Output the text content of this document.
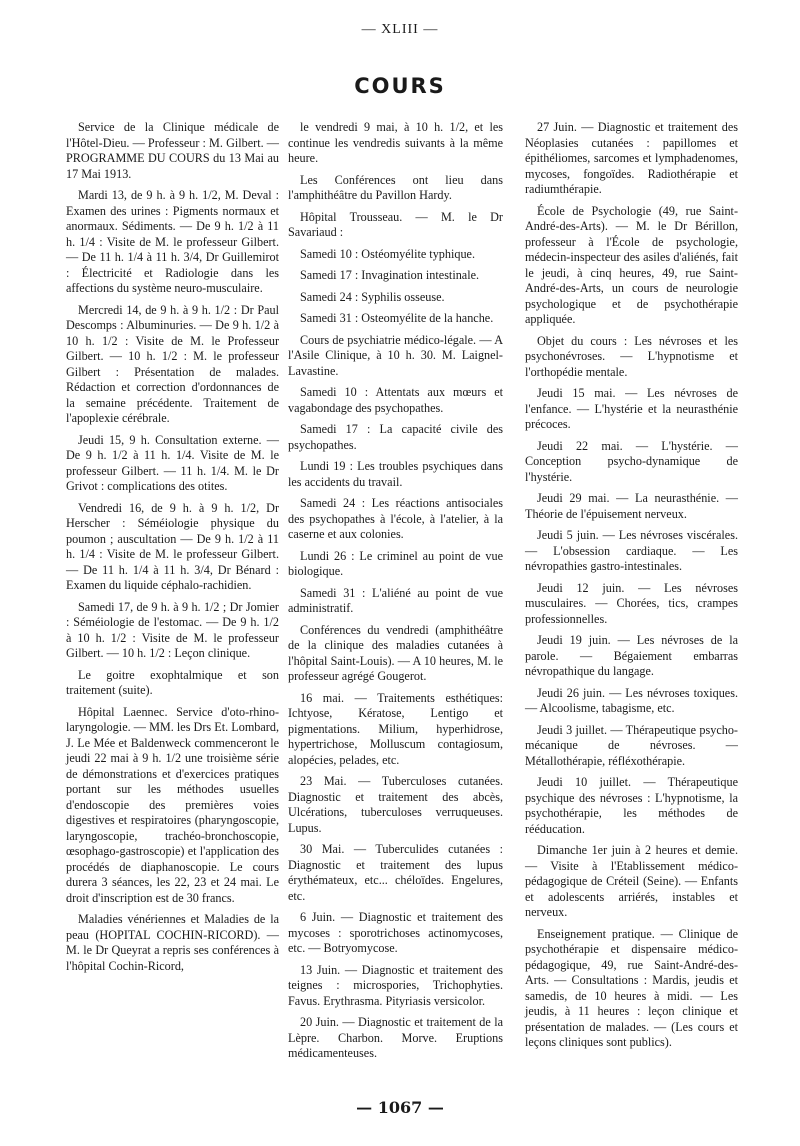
— XLIII —
COURS

Service de la Clinique médicale de l'Hôtel-Dieu. — Professeur : M. Gilbert. — PROGRAMME DU COURS du 13 Mai au 17 Mai 1913.

Mardi 13, de 9 h. à 9 h. 1/2, M. Deval : Examen des urines : Pigments normaux et anormaux. Sédiments. — De 9 h. 1/2 à 11 h. 1/4 : Visite de M. le professeur Gilbert. — De 11 h. 1/4 à 11 h. 3/4, Dr Guillemirot : Électricité et Radiologie dans les affections du système neuro-musculaire.

Mercredi 14, de 9 h. à 9 h. 1/2 : Dr Paul Descomps : Albuminuries. — De 9 h. 1/2 à 10 h. 1/2 : Visite de M. le Professeur Gilbert. — 10 h. 1/2 : M. le professeur Gilbert : Présentation de malades. Rédaction et correction d'ordonnances de la semaine précédente. Traitement de l'apoplexie cérébrale.

Jeudi 15, 9 h. Consultation externe. — De 9 h. 1/2 à 11 h. 1/4. Visite de M. le professeur Gilbert. — 11 h. 1/4. M. le Dr Grivot : complications des otites.

Vendredi 16, de 9 h. à 9 h. 1/2, Dr Herscher : Séméiologie physique du poumon ; auscultation — De 9 h. 1/2 à 11 h. 1/4 : Visite de M. le professeur Gilbert. — De 11 h. 1/4 à 11 h. 3/4, Dr Bénard : Examen du liquide céphalo-rachidien.

Samedi 17, de 9 h. à 9 h. 1/2 ; Dr Jomier : Séméiologie de l'estomac. — De 9 h. 1/2 à 10 h. 1/2 : Visite de M. le professeur Gilbert. — 10 h. 1/2 : Leçon clinique.

Le goitre exophtalmique et son traitement (suite).

Hôpital Laennec. Service d'oto-rhino-laryngologie. — MM. les Drs Et. Lombard, J. Le Mée et Baldenweck commenceront le jeudi 22 mai à 9 h. 1/2 une troisième série de démonstrations et d'exercices pratiques portant sur les méthodes usuelles d'endoscopie des premières voies digestives et respiratoires (pharyngoscopie, laryngoscopie, trachéo-bronchoscopie, œsophago-gastroscopie) et l'application des procédés de diaphanoscopie. Le cours durera 3 séances, les 22, 23 et 24 mai. Le droit d'inscription est de 30 francs.

Maladies vénériennes et Maladies de la peau (HOPITAL COCHIN-RICORD). — M. le Dr Queyrat a repris ses conférences à l'hôpital Cochin-Ricord,

le vendredi 9 mai, à 10 h. 1/2, et les continue les vendredis suivants à la même heure.

Les Conférences ont lieu dans l'amphithéâtre du Pavillon Hardy.

Hôpital Trousseau. — M. le Dr Savariaud :

Samedi 10 : Ostéomyélite typhique.

Samedi 17 : Invagination intestinale.

Samedi 24 : Syphilis osseuse.

Samedi 31 : Osteomyélite de la hanche.

Cours de psychiatrie médico-légale. — A l'Asile Clinique, à 10 h. 30. M. Laignel-Lavastine.

Samedi 10 : Attentats aux mœurs et vagabondage des psychopathes.

Samedi 17 : La capacité civile des psychopathes.

Lundi 19 : Les troubles psychiques dans les accidents du travail.

Samedi 24 : Les réactions antisociales des psychopathes à l'école, à l'atelier, à la caserne et aux colonies.

Lundi 26 : Le criminel au point de vue biologique.

Samedi 31 : L'aliéné au point de vue administratif.

Conférences du vendredi (amphithéâtre de la clinique des maladies cutanées à l'hôpital Saint-Louis). — A 10 heures, M. le professeur agrégé Gougerot.

16 mai. — Traitements esthétiques: Ichtyose, Kératose, Lentigo et pigmentations. Milium, hyperhidrose, hypertrichose, Molluscum contagiosum, alopécies, pelades, etc.

23 Mai. — Tuberculoses cutanées. Diagnostic et traitement des abcès, Ulcérations, tuberculoses verruqueuses. Lupus.

30 Mai. — Tuberculides cutanées : Diagnostic et traitement des lupus érythémateux, etc... chéloïdes. Engelures, etc.

6 Juin. — Diagnostic et traitement des mycoses : sporotrichoses actinomycoses, etc. — Botryomycose.

13 Juin. — Diagnostic et traitement des teignes : microspories, Trichophyties. Favus. Erythrasma. Pityriasis versicolor.

20 Juin. — Diagnostic et traitement de la Lèpre. Charbon. Morve. Eruptions médicamenteuses.

27 Juin. — Diagnostic et traitement des Néoplasies cutanées : papillomes et épithéliomes, sarcomes et lymphadenomes, mycoses, fongoïdes. Radiothérapie et radiumthérapie.

École de Psychologie (49, rue Saint-André-des-Arts). — M. le Dr Bérillon, professeur à l'École de psychologie, médecin-inspecteur des asiles d'aliénés, fait le jeudi, à cinq heures, 49, rue Saint-André-des-Arts, un cours de neurologie psychologique et de psychothérapie appliquée.

Objet du cours : Les névroses et les psychonévroses. — L'hypnotisme et l'orthopédie mentale.

Jeudi 15 mai. — Les névroses de l'enfance. — L'hystérie et la neurasthénie précoces.

Jeudi 22 mai. — L'hystérie. — Conception psycho-dynamique de l'hystérie.

Jeudi 29 mai. — La neurasthénie. — Théorie de l'épuisement nerveux.

Jeudi 5 juin. — Les névroses viscérales. — L'obsession cardiaque. — Les névropathies gastro-intestinales.

Jeudi 12 juin. — Les névroses musculaires. — Chorées, tics, crampes professionnelles.

Jeudi 19 juin. — Les névroses de la parole. — Bégaiement embarras névropathique du langage.

Jeudi 26 juin. — Les névroses toxiques. — Alcoolisme, tabagisme, etc.

Jeudi 3 juillet. — Thérapeutique psycho-mécanique de névroses. — Métallothérapie, réfléxothérapie.

Jeudi 10 juillet. — Thérapeutique psychique des névroses : L'hypnotisme, la psychothérapie, les méthodes de rééducation.

Dimanche 1er juin à 2 heures et demie. — Visite à l'Etablissement médico-pédagogique de Créteil (Seine). — Enfants et adolescents arriérés, instables et nerveux.

Enseignement pratique. — Clinique de psychothérapie et dispensaire médico-pédagogique, 49, rue Saint-André-des-Arts. — Consultations : Mardis, jeudis et samedis, de 10 heures à midi. — Les jeudis, à 11 heures : leçon clinique et présentation de malades. — (Les cours et leçons cliniques sont publics).

— 1067 —
